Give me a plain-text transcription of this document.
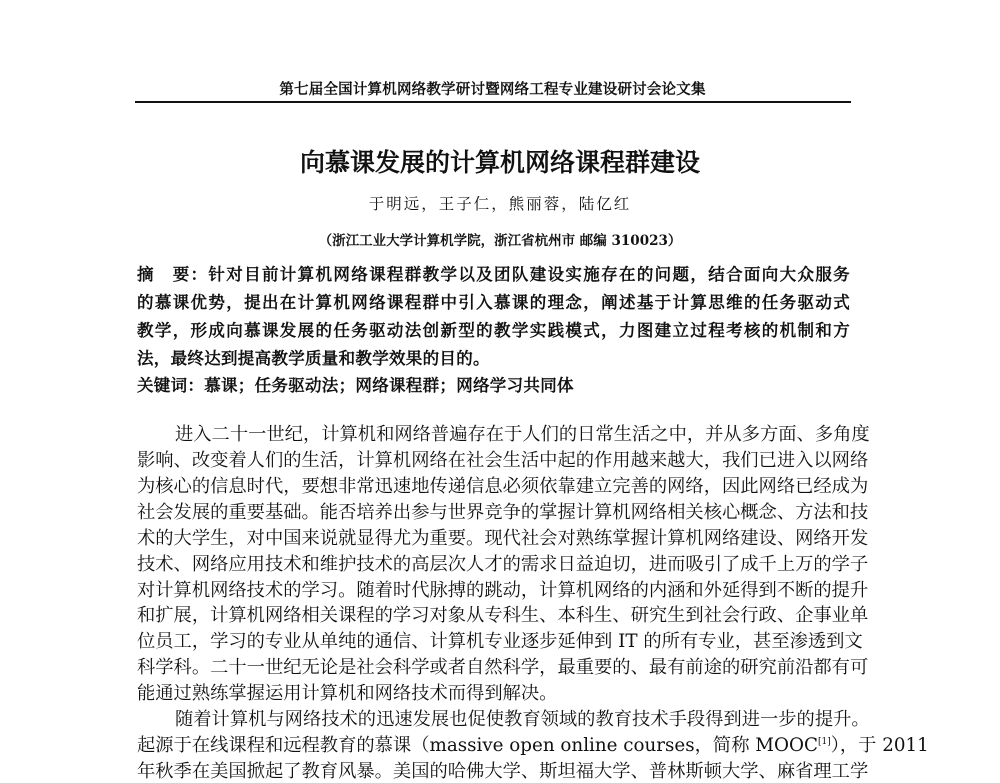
第七届全国计算机网络教学研讨暨网络工程专业建设研讨会论文集
向慕课发展的计算机网络课程群建设
于明远，王子仁，熊丽蓉，陆亿红
（浙江工业大学计算机学院，浙江省杭州市 邮编 310023）
摘　要：针对目前计算机网络课程群教学以及团队建设实施存在的问题，结合面向大众服务
的慕课优势，提出在计算机网络课程群中引入慕课的理念，阐述基于计算思维的任务驱动式
教学，形成向慕课发展的任务驱动法创新型的教学实践模式，力图建立过程考核的机制和方
法，最终达到提高教学质量和教学效果的目的。
关键词：慕课；任务驱动法；网络课程群；网络学习共同体
进入二十一世纪，计算机和网络普遍存在于人们的日常生活之中，并从多方面、多角度
影响、改变着人们的生活，计算机网络在社会生活中起的作用越来越大，我们已进入以网络
为核心的信息时代，要想非常迅速地传递信息必须依靠建立完善的网络，因此网络已经成为
社会发展的重要基础。能否培养出参与世界竞争的掌握计算机网络相关核心概念、方法和技
术的大学生，对中国来说就显得尤为重要。现代社会对熟练掌握计算机网络建设、网络开发
技术、网络应用技术和维护技术的高层次人才的需求日益迫切，进而吸引了成千上万的学子
对计算机网络技术的学习。随着时代脉搏的跳动，计算机网络的内涵和外延得到不断的提升
和扩展，计算机网络相关课程的学习对象从专科生、本科生、研究生到社会行政、企事业单
位员工，学习的专业从单纯的通信、计算机专业逐步延伸到 IT 的所有专业，甚至渗透到文
科学科。二十一世纪无论是社会科学或者自然科学，最重要的、最有前途的研究前沿都有可
能通过熟练掌握运用计算机和网络技术而得到解决。
随着计算机与网络技术的迅速发展也促使教育领域的教育技术手段得到进一步的提升。
起源于在线课程和远程教育的慕课（massive open online courses，简称 MOOC[1]），于 2011
年秋季在美国掀起了教育风暴。美国的哈佛大学、斯坦福大学、普林斯顿大学、麻省理工学
